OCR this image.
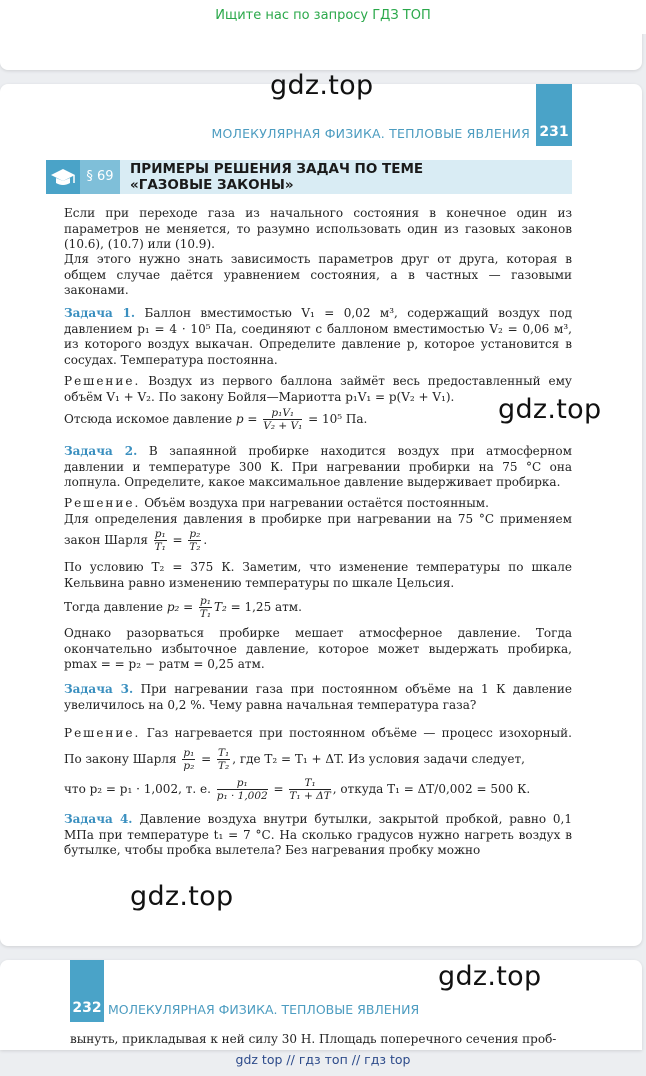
Ищите нас по запросу ГДЗ ТОП
231
МОЛЕКУЛЯРНАЯ ФИЗИКА. ТЕПЛОВЫЕ ЯВЛЕНИЯ
§ 69	ПРИМЕРЫ РЕШЕНИЯ ЗАДАЧ ПО ТЕМЕ
«ГАЗОВЫЕ ЗАКОНЫ»
Если при переходе газа из начального состояния в конечное один из параметров не меняется, то разумно использовать один из газовых законов (10.6), (10.7) или (10.9).
Для этого нужно знать зависимость параметров друг от друга, которая в общем случае даётся уравнением состояния, а в частных — газовыми законами.
Задача 1. Баллон вместимостью V₁ = 0,02 м³, содержащий воздух под давлением p₁ = 4 · 10⁵ Па, соединяют с баллоном вместимостью V₂ = 0,06 м³, из которого воздух выкачан. Определите давление p, которое установится в сосудах. Температура постоянна.
Решение. Воздух из первого баллона займёт весь предоставленный ему объём V₁ + V₂. По закону Бойля—Мариотта p₁V₁ = p(V₂ + V₁).
Отсюда искомое давление $p = \frac{\text{p₁V₁}}{\text{V₂ + V₁}} = 10^5$ Па.
Задача 2. В запаянной пробирке находится воздух при атмосферном давлении и температуре 300 К. При нагревании пробирки на 75 °С она лопнула. Определите, какое максимальное давление выдерживает пробирка.
Решение. Объём воздуха при нагревании остаётся постоянным.
Для определения давления в пробирке при нагревании на 75 °С применяем закон Шарля $\frac{\text{p₁}}{\text{T₁}} = \frac{\text{p₂}}{\text{T₂}}$ .
По условию T₂ = 375 К. Заметим, что изменение температуры по шкале Кельвина равно изменению температуры по шкале Цельсия.
Тогда давление $p_2 = \frac{\text{p₁}}{\text{T₁}} T_2 = 1,25$ атм.
Однако разорваться пробирке мешает атмосферное давление. Тогда окончательно избыточное давление, которое может выдержать пробирка, pmax = = p₂ − pатм = 0,25 атм.
Задача 3. При нагревании газа при постоянном объёме на 1 К давление увеличилось на 0,2 %. Чему равна начальная температура газа?
Решение. Газ нагревается при постоянном объёме — процесс изохорный. По закону Шарля $\frac{\text{p₁}}{\text{p₂}} = \frac{\text{T₁}}{\text{T₂}}$ , где T₂ = T₁ + ΔT. Из условия задачи следует,
что p₂ = p₁ · 1,002, т. е. $\frac{\text{p₁}}{\text{p₁ · 1,002}} = \frac{\text{T₁}}{\text{T₁ + ΔT}}$ , откуда T₁ = ΔT/0,002 = 500 К.
Задача 4. Давление воздуха внутри бутылки, закрытой пробкой, равно 0,1 МПа при температуре t₁ = 7 °С. На сколько градусов нужно нагреть воздух в бутылке, чтобы пробка вылетела? Без нагревания пробку можно
232 МОЛЕКУЛЯРНАЯ ФИЗИКА. ТЕПЛОВЫЕ ЯВЛЕНИЯ
вынуть, прикладывая к ней силу 30 Н. Площадь поперечного сечения проб-
gdz.top
gdz.top
gdz.top
gdz.top
gdz top // гдз топ // гдз top
